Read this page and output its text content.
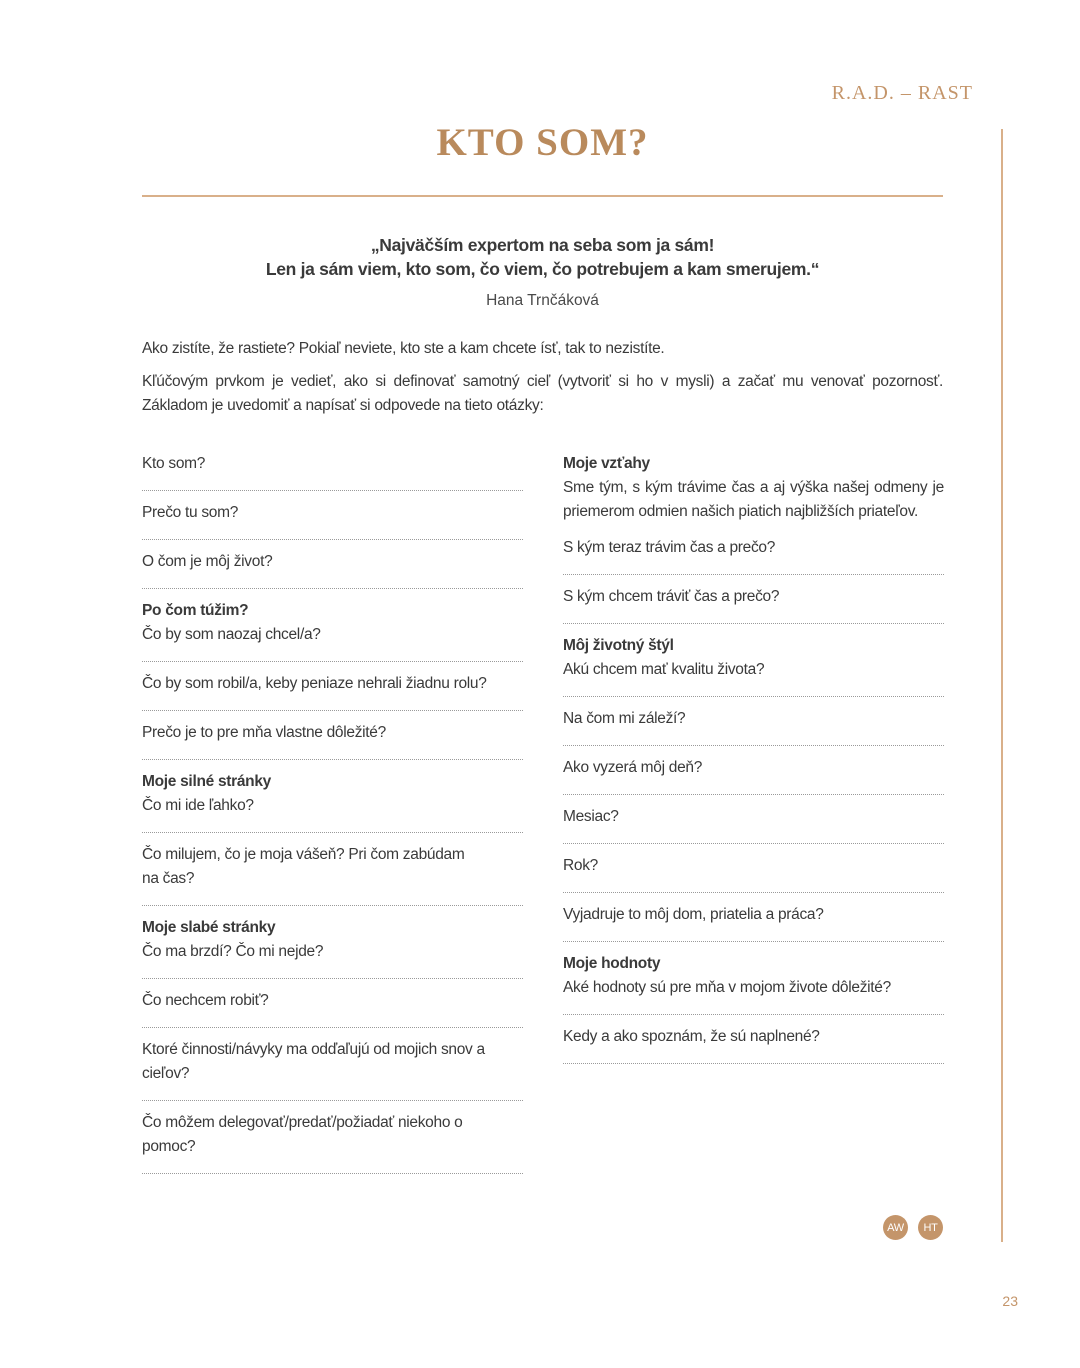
R.A.D. – RAST
KTO SOM?
„Najväčším expertom na seba som ja sám!
Len ja sám viem, kto som, čo viem, čo potrebujem a kam smerujem.“
Hana Trnčáková

Ako zistíte, že rastiete? Pokiaľ neviete, kto ste a kam chcete ísť, tak to nezistíte.

Kľúčovým prvkom je vedieť, ako si definovať samotný cieľ (vytvoriť si ho v mysli) a začať mu venovať pozornosť. Základom je uvedomiť a napísať si odpovede na tieto otázky:

Kto som?
Prečo tu som?
O čom je môj život?
Po čom túžim?
Čo by som naozaj chcel/a?
Čo by som robil/a, keby peniaze nehrali žiadnu rolu?
Prečo je to pre mňa vlastne dôležité?
Moje silné stránky
Čo mi ide ľahko?
Čo milujem, čo je moja vášeň? Pri čom zabúdam na čas?
Moje slabé stránky
Čo ma brzdí? Čo mi nejde?
Čo nechcem robiť?
Ktoré činnosti/návyky ma odďaľujú od mojich snov a cieľov?
Čo môžem delegovať/predať/požiadať niekoho o pomoc?
Moje vzťahy
Sme tým, s kým trávime čas a aj výška našej odmeny je priemerom odmien našich piatich najbližších priateľov.
S kým teraz trávim čas a prečo?
S kým chcem tráviť čas a prečo?
Môj životný štýl
Akú chcem mať kvalitu života?
Na čom mi záleží?
Ako vyzerá môj deň?
Mesiac?
Rok?
Vyjadruje to môj dom, priatelia a práca?
Moje hodnoty
Aké hodnoty sú pre mňa v mojom živote dôležité?
Kedy a ako spoznám, že sú naplnené?
AW	HT
23
